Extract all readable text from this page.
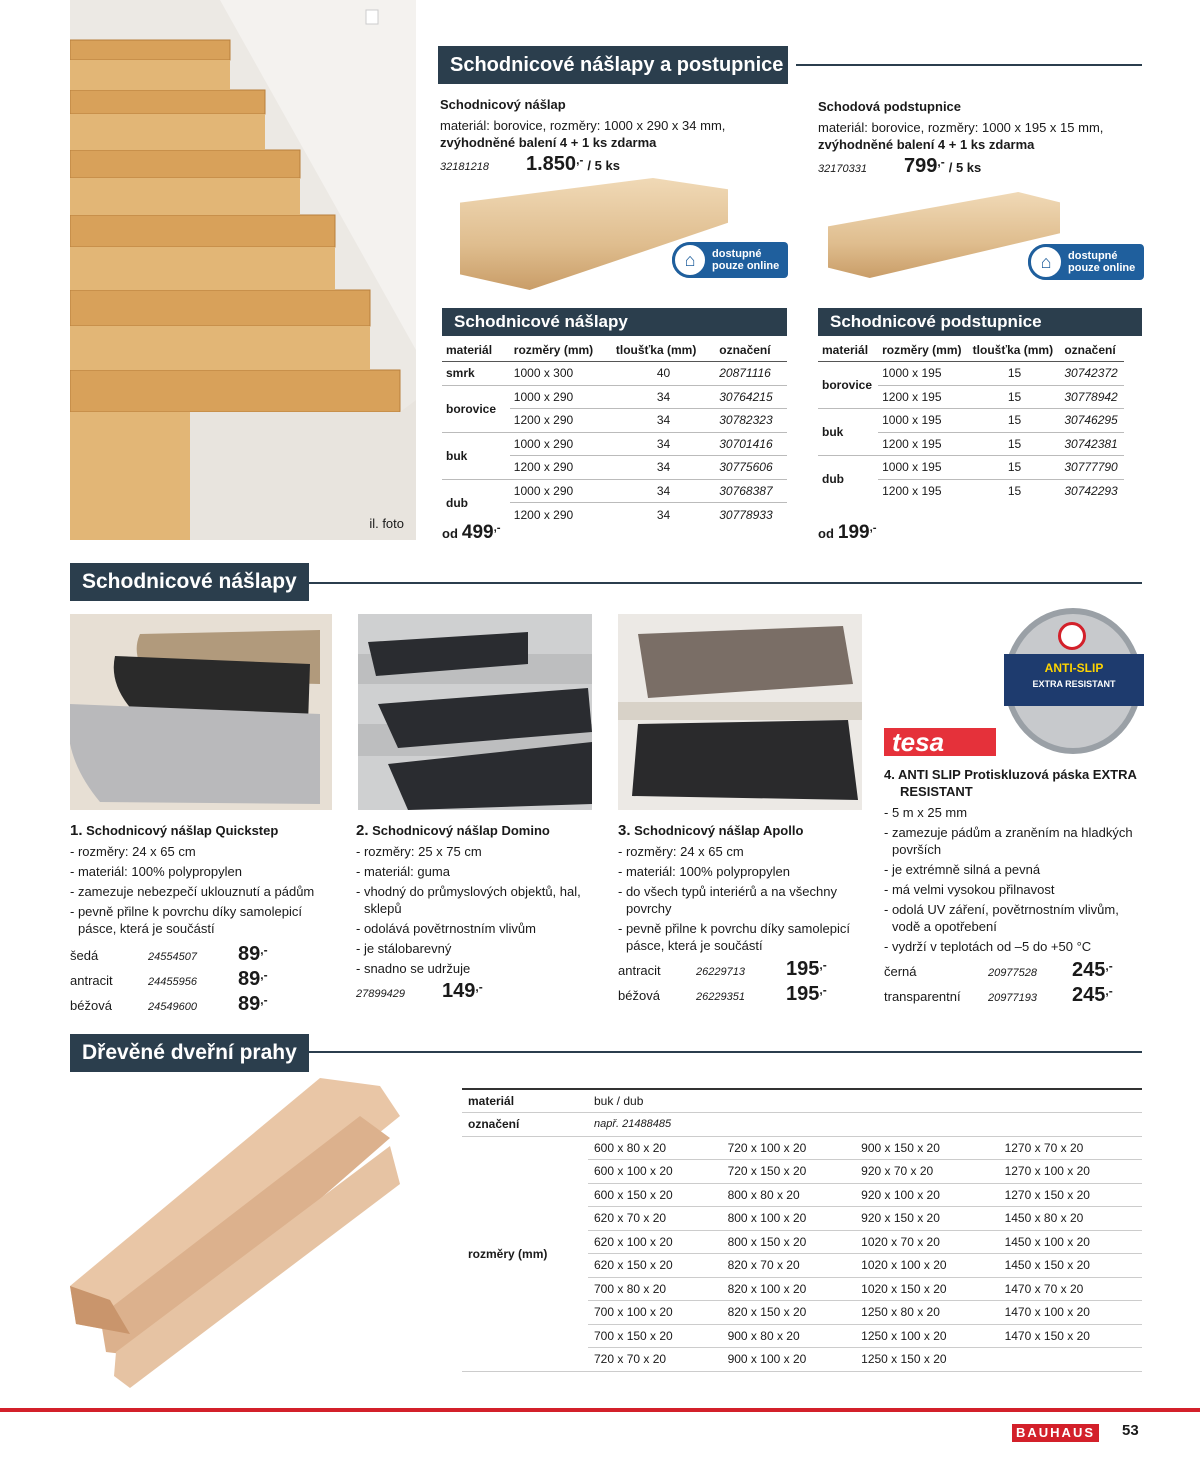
il. foto
Schodnicové nášlapy a postupnice
Schodnicový nášlap
materiál: borovice, rozměry: 1000 x 290 x 34 mm,
zvýhodněné balení 4 + 1 ks zdarma
32181218	1.850,- / 5 ks
⌂	dostupné
pouze online
Schodová podstupnice
materiál: borovice, rozměry: 1000 x 195 x 15 mm,
zvýhodněné balení 4 + 1 ks zdarma
32170331	799,- / 5 ks
⌂	dostupné
pouze online
Schodnicové nášlapy
materiál	rozměry (mm)	tloušťka (mm)	označení
smrk	1000 x 300	40	20871116
borovice	1000 x 290	34	30764215
	1200 x 290	34	30782323
buk	1000 x 290	34	30701416
	1200 x 290	34	30775606
dub	1000 x 290	34	30768387
	1200 x 290	34	30778933
od 499,-
Schodnicové podstupnice
materiál	rozměry (mm)	tloušťka (mm)	označení
borovice	1000 x 195	15	30742372
	1200 x 195	15	30778942
buk	1000 x 195	15	30746295
	1200 x 195	15	30742381
dub	1000 x 195	15	30777790
	1200 x 195	15	30742293
od 199,-
Schodnicové nášlapy
tesa
ANTI-SLIP
EXTRA RESISTANT
1. Schodnicový nášlap Quickstep
- rozměry: 24 x 65 cm
- materiál: 100% polypropylen
- zamezuje nebezpečí uklouznutí a pádům
- pevně přilne k povrchu díky samolepicí páscе, která je součástí
šedá	24554507	89,-
antracit	24455956	89,-
béžová	24549600	89,-
2. Schodnicový nášlap Domino
- rozměry: 25 x 75 cm
- materiál: guma
- vhodný do průmyslových objektů, hal, sklepů
- odolává povětrnostním vlivům
- je stálobarevný
- snadno se udržuje
27899429	149,-
3. Schodnicový nášlap Apollo
- rozměry: 24 x 65 cm
- materiál: 100% polypropylen
- do všech typů interiérů a na všechny povrchy
- pevně přilne k povrchu díky samolepicí pásce, která je součástí
antracit	26229713	195,-
béžová	26229351	195,-
4. ANTI SLIP Protiskluzová páska EXTRA RESISTANT
- 5 m x 25 mm
- zamezuje pádům a zraněním na hladkých površích
- je extrémně silná a pevná
- má velmi vysokou přilnavost
- odolá UV záření, povětrnostním vlivům, vodě a opotřebení
- vydrží v teplotách od –5 do +50 °C
černá	20977528	245,-
transparentní	20977193	245,-
Dřevěné dveřní prahy
materiál	buk / dub			
označení	např. 21488485			
rozměry (mm)	600 x 80 x 20	720 x 100 x 20	900 x 150 x 20	1270 x 70 x 20
	600 x 100 x 20	720 x 150 x 20	920 x 70 x 20	1270 x 100 x 20
	600 x 150 x 20	800 x 80 x 20	920 x 100 x 20	1270 x 150 x 20
	620 x 70 x 20	800 x 100 x 20	920 x 150 x 20	1450 x 80 x 20
	620 x 100 x 20	800 x 150 x 20	1020 x 70 x 20	1450 x 100 x 20
	620 x 150 x 20	820 x 70 x 20	1020 x 100 x 20	1450 x 150 x 20
	700 x 80 x 20	820 x 100 x 20	1020 x 150 x 20	1470 x 70 x 20
	700 x 100 x 20	820 x 150 x 20	1250 x 80 x 20	1470 x 100 x 20
	700 x 150 x 20	900 x 80 x 20	1250 x 100 x 20	1470 x 150 x 20
	720 x 70 x 20	900 x 100 x 20	1250 x 150 x 20	
BAUHAUS 53
